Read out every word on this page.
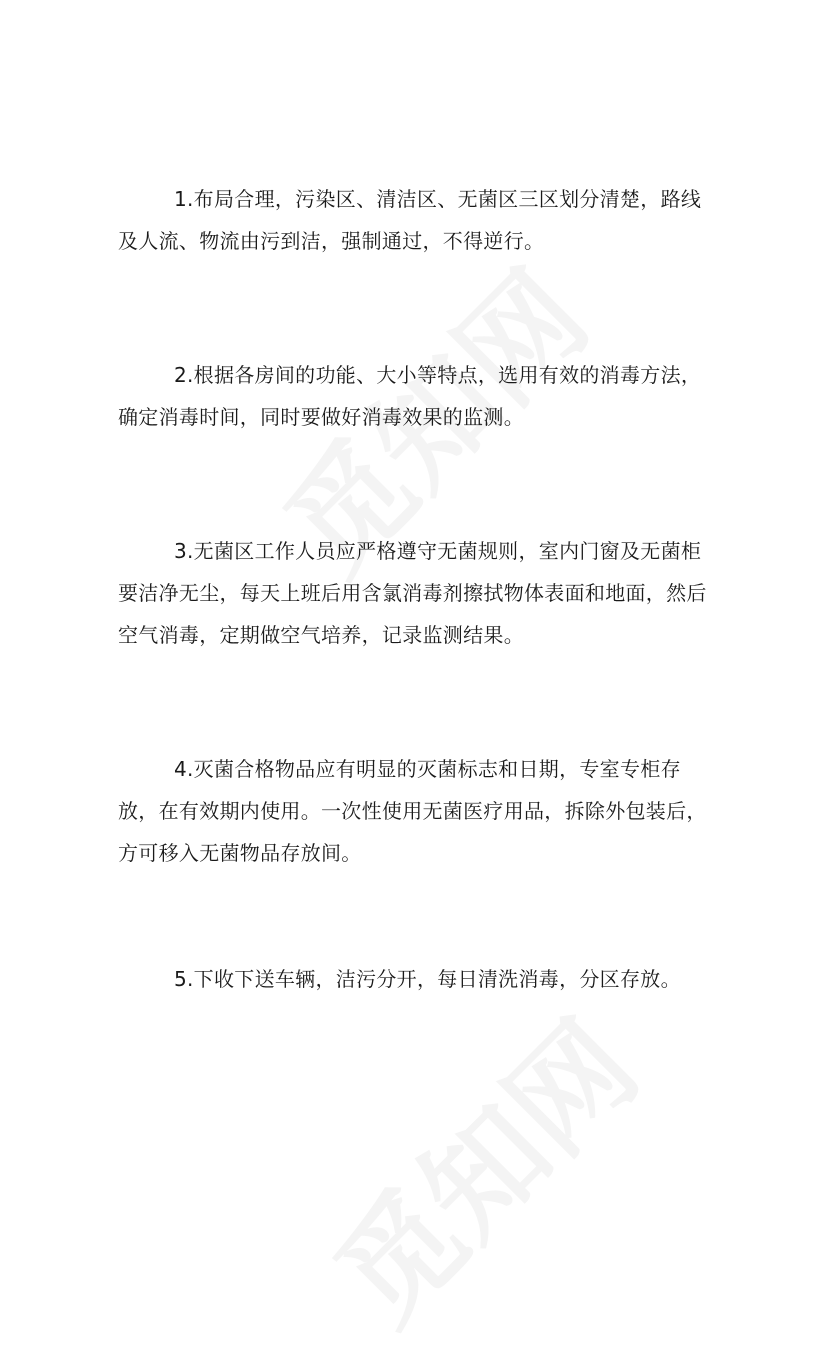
1.布局合理，污染区、清洁区、无菌区三区划分清楚，路线及人流、物流由污到洁，强制通过，不得逆行。

2.根据各房间的功能、大小等特点，选用有效的消毒方法，确定消毒时间，同时要做好消毒效果的监测。

3.无菌区工作人员应严格遵守无菌规则，室内门窗及无菌柜要洁净无尘，每天上班后用含氯消毒剂擦拭物体表面和地面，然后空气消毒，定期做空气培养，记录监测结果。

4.灭菌合格物品应有明显的灭菌标志和日期，专室专柜存放，在有效期内使用。一次性使用无菌医疗用品，拆除外包装后，方可移入无菌物品存放间。

5.下收下送车辆，洁污分开，每日清洗消毒，分区存放。
